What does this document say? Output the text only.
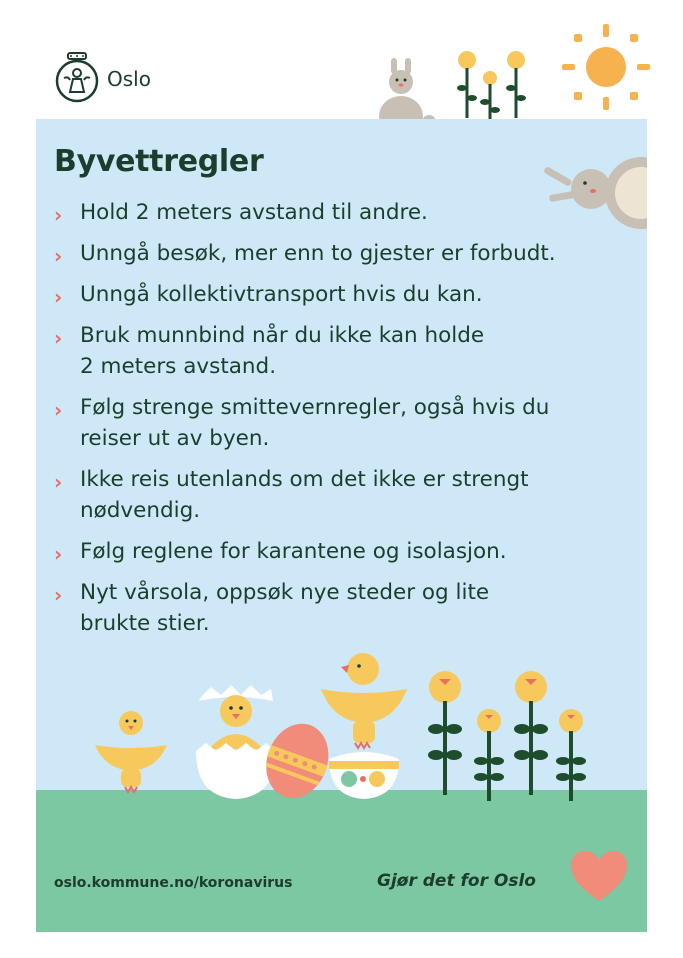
Oslo
Byvettregler
› Hold 2 meters avstand til andre.
› Unngå besøk, mer enn to gjester er forbudt.
› Unngå kollektivtransport hvis du kan.
› Bruk munnbind når du ikke kan holde
2 meters avstand.
› Følg strenge smittevernregler, også hvis du
reiser ut av byen.
› Ikke reis utenlands om det ikke er strengt
nødvendig.
› Følg reglene for karantene og isolasjon.
› Nyt vårsola, oppsøk nye steder og lite
brukte stier.
oslo.kommune.no/koronavirus	Gjør det for Oslo
